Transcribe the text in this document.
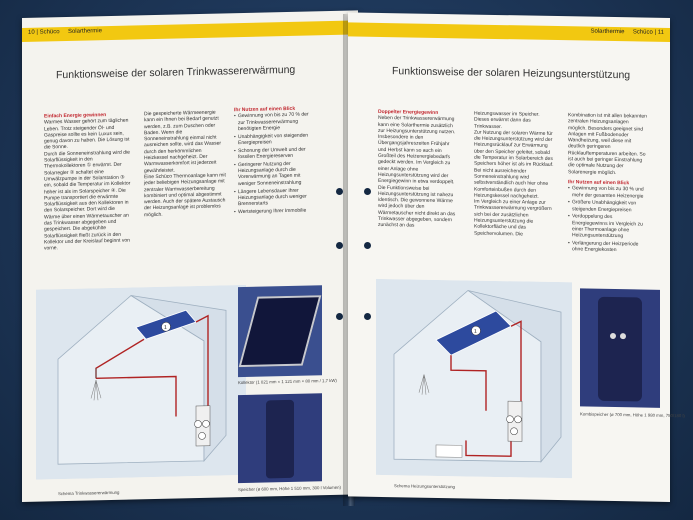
10 | Schüco Solarthermie
Funktionsweise der solaren Trinkwassererwärmung
Einfach Energie gewinnen
Warmes Wasser gehört zum täglichen Leben. Trotz steigender Öl- und Gaspreise sollte es kein Luxus sein, genug davon zu haben. Die Lösung ist die Sonne.
Durch die Sonneneinstrahlung wird die Solarflüssigkeit in den Thermokollektoren ① erwärmt. Der Solarregler ② schaltet eine Umwälzpumpe in der Solarstation ③ ein, sobald die Temperatur im Kollektor höher ist als im Solarspeicher ④. Die Pumpe transportiert die erwärmte Solarflüssigkeit aus den Kollektoren in den Solarspeicher. Dort wird die Wärme über einen Wärmetauscher an das Trinkwasser abgegeben und gespeichert. Die abgekühlte Solarflüssigkeit fließt zurück in den Kollektor und der Kreislauf beginnt von vorne.
Die gespeicherte Wärmeenergie kann ein Ihnen bei Bedarf genutzt werden, z.B. zum Duschen oder Baden. Wenn die Sonneneinstrahlung einmal nicht ausreichen sollte, wird das Wasser durch den herkömmlichen Heizkessel nachgeheizt. Der Warmwasserkomfort ist jederzeit gewährleistet.
Eine Schüco Thermoanlage kann mit jeder beliebigen Heizungsanlage mit zentraler Warmwasserbereitung kombiniert und optimal abgestimmt werden. Auch der spätere Austausch der Heizungsanlage ist problemlos möglich.
Ihr Nutzen auf einen Blick
• Gewinnung von bis zu 70 % der zur Trinkwassererwärmung benötigten Energie
• Unabhängigkeit von steigenden Energiepreisen
• Schonung der Umwelt und der fossilen Energiereserven
• Geringerer Nutzung der Heizungsanlage durch die Vorerwärmung an Tagen mit weniger Sonneneinstrahlung
• Längere Lebensdauer Ihrer Heizungsanlage durch weniger Brennerstarts
• Wertsteigerung Ihrer Immobilie
1
Schema Trinkwassererwärmung
Kollektor (1 021 mm × 1 121 mm × 80 mm / 1,7 kW)
Speicher (ø 600 mm, Höhe 1 510 mm, 300 l Volumen)
Solarthermie Schüco | 11
Funktionsweise der solaren Heizungsunterstützung
Doppelter Energiegewinn
Neben der Trinkwassererwärmung kann eine Solarthermie zusätzlich zur Heizungsunterstützung nutzen. Insbesondere in den Übergangsjahreszeiten Frühjahr und Herbst kann so auch ein Großteil des Heizenergiebedarfs gedeckt werden. Im Vergleich zu einer Anlage ohne Heizungsunterstützung wird der Energiegewinn in etwa verdoppelt.
Die Funktionsweise bei Heizungsunterstützung ist nahezu identisch. Die gewonnene Wärme wird jedoch über den Wärmetauscher nicht direkt an das Trinkwasser abgegeben, sondern zunächst an das
Heizungswasser im Speicher. Dieses erwärmt dann das Trinkwasser.
Zur Nutzung der solaren Wärme für die Heizungsunterstützung wird der Heizungsrücklauf zur Erwärmung über den Speicher geleitet, sobald die Temperatur im Solarbereich des Speichers höher ist als im Rücklauf. Bei nicht ausreichender Sonneneinstrahlung wird selbstverständlich auch hier ohne Komforteinbußen durch den Heizungskessel nachgeheizt.
Im Vergleich zu einer Anlage zur Trinkwassererwärmung vergrößern sich bei der zusätzlichen Heizungsunterstützung die Kollektorfläche und das Speichervolumen. Die
Kombination ist mit allen bekannten zentralen Heizungsanlagen möglich. Besonders geeignet sind Anlagen mit Fußbodenoder Wandheizung, weil diese mit deutlich geringeren Rücklauftemperaturen arbeiten. So ist auch bei geringer Einstrahlung die optimale Nutzung der Solarenergie möglich.
Ihr Nutzen auf einen Blick
• Gewinnung von bis zu 30 % und mehr der gesamten Heizenergie
• Größere Unabhängigkeit von steigenden Energiepreisen
• Verdoppelung des Energiegewinns im Vergleich zu einer Thermoanlage ohne Heizungsunterstützung
• Verlängerung der Heizperiode ohne Energiekosten
1
Schema Heizungsunterstützung
Kombispeicher (ø 700 mm, Höhe 1 980 mm, 750/180 l)
